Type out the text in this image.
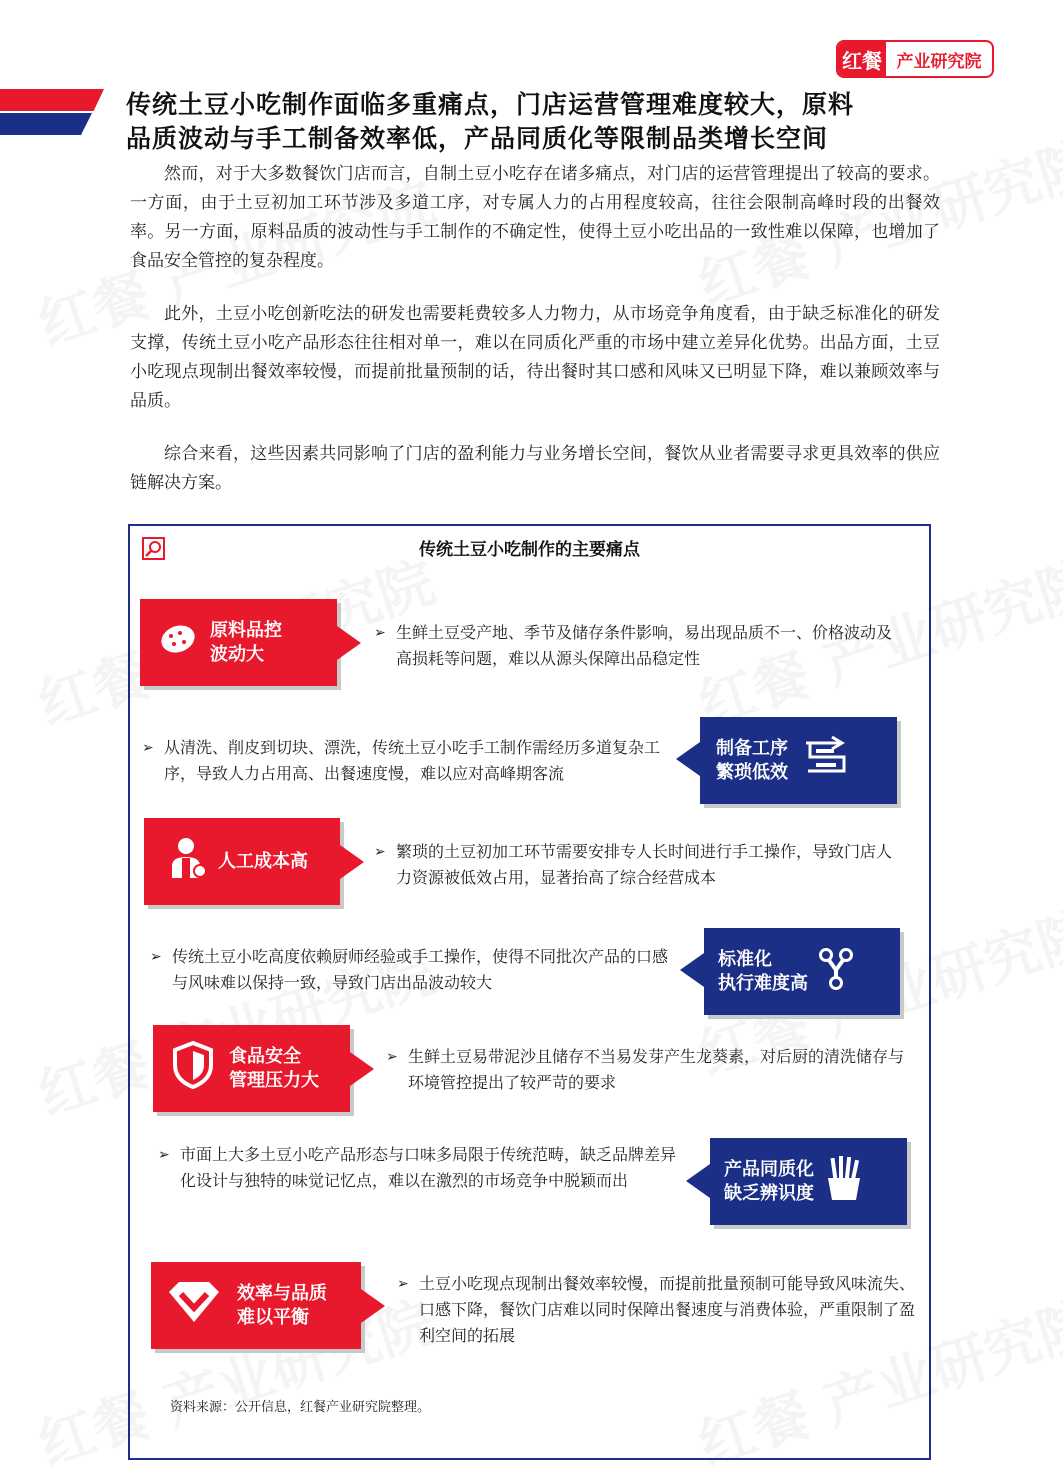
红餐 产业研究院
传统土豆小吃制作面临多重痛点，门店运营管理难度较大，原料
品质波动与手工制备效率低，产品同质化等限制品类增长空间

然而，对于大多数餐饮门店而言，自制土豆小吃存在诸多痛点，对门店的运营管理提出了较高的要求。一方面，由于土豆初加工环节涉及多道工序，对专属人力的占用程度较高，往往会限制高峰时段的出餐效率。另一方面，原料品质的波动性与手工制作的不确定性，使得土豆小吃出品的一致性难以保障，也增加了食品安全管控的复杂程度。

此外，土豆小吃创新吃法的研发也需要耗费较多人力物力，从市场竞争角度看，由于缺乏标准化的研发支撑，传统土豆小吃产品形态往往相对单一，难以在同质化严重的市场中建立差异化优势。出品方面，土豆小吃现点现制出餐效率较慢，而提前批量预制的话，待出餐时其口感和风味又已明显下降，难以兼顾效率与品质。

综合来看，这些因素共同影响了门店的盈利能力与业务增长空间，餐饮从业者需要寻求更具效率的供应链解决方案。

传统土豆小吃制作的主要痛点
原料品控
波动大
➢ 生鲜土豆受产地、季节及储存条件影响，易出现品质不一、价格波动及高损耗等问题，难以从源头保障出品稳定性
➢ 从清洗、削皮到切块、漂洗，传统土豆小吃手工制作需经历多道复杂工序，导致人力占用高、出餐速度慢，难以应对高峰期客流
制备工序
繁琐低效
人工成本高	➢ 繁琐的土豆初加工环节需要安排专人长时间进行手工操作，导致门店人力资源被低效占用，显著抬高了综合经营成本
➢ 传统土豆小吃高度依赖厨师经验或手工操作，使得不同批次产品的口感与风味难以保持一致，导致门店出品波动较大
标准化
执行难度高
食品安全
管理压力大
➢ 生鲜土豆易带泥沙且储存不当易发芽产生龙葵素，对后厨的清洗储存与环境管控提出了较严苛的要求
➢ 市面上大多土豆小吃产品形态与口味多局限于传统范畴，缺乏品牌差异化设计与独特的味觉记忆点，难以在激烈的市场竞争中脱颖而出
产品同质化
缺乏辨识度
效率与品质
难以平衡
➢ 土豆小吃现点现制出餐效率较慢，而提前批量预制可能导致风味流失、口感下降，餐饮门店难以同时保障出餐速度与消费体验，严重限制了盈利空间的拓展
资料来源：公开信息，红餐产业研究院整理。
